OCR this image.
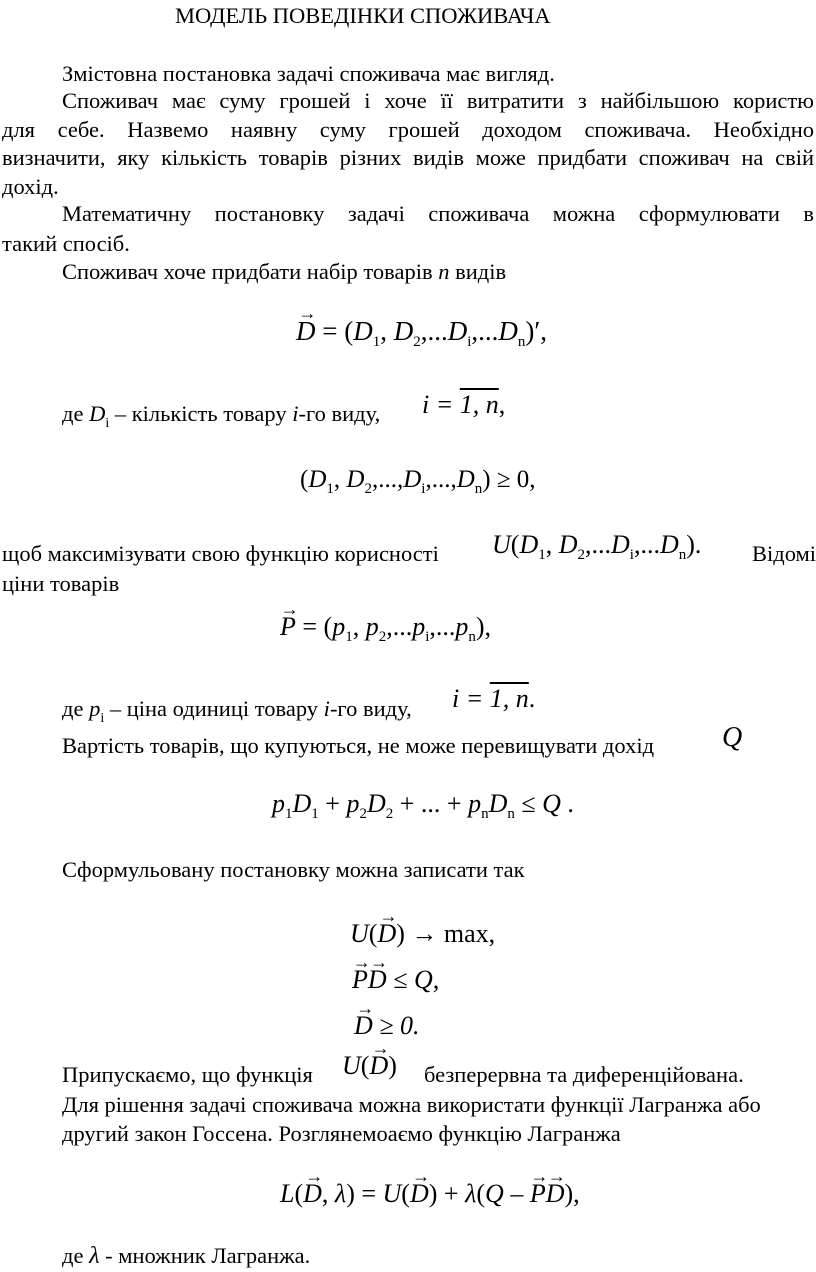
МОДЕЛЬ ПОВЕДІНКИ СПОЖИВАЧА
Змістовна постановка задачі споживача має вигляд.
Споживач має суму грошей і хоче її витратити з найбільшою користю
для себе. Назвемо наявну суму грошей доходом споживача. Необхідно
визначити, яку кількість товарів різних видів може придбати споживач на свій
дохід.
Математичну постановку задачі споживача можна сформулювати в
такий спосіб.
Споживач хоче придбати набір товарів n видів
→ $D = (D_1$, $D_2,...D_i,...D_n)'$,
де $D_i$ – кількість товару i-го виду, i = 1, n,
($D_1$, $D_2,...,D_i,...,D_n) \ge 0$,
щоб максимізувати свою функцію корисності $U(D_1$, $D_2,...D_i,...D_n$). Відомі
ціни товарів
→ $P = (p_1$, $p_2,...p_i,...p_n$),
де $p_i$ – ціна одиниці товару i-го виду, i = 1, n.
Вартість товарів, що купуються, не може перевищувати дохід Q
$p_1D_1 + p_2D_2$ + ... + $p_nD_n \le Q$ .
Сформульовану постановку можна записати так
U(→ D) → max,
→ P→ D ≤ Q,
→ D ≥ 0.
Припускаємо, що функція U(→ D) безперервна та диференційована.
Для рішення задачі споживача можна використати функції Лагранжа або
другий закон Госсена. Розглянемоаємо функцію Лагранжа
L(→ D, λ) = U(→ D) + λ(Q – → P→ D),
де λ - множник Лагранжа.
